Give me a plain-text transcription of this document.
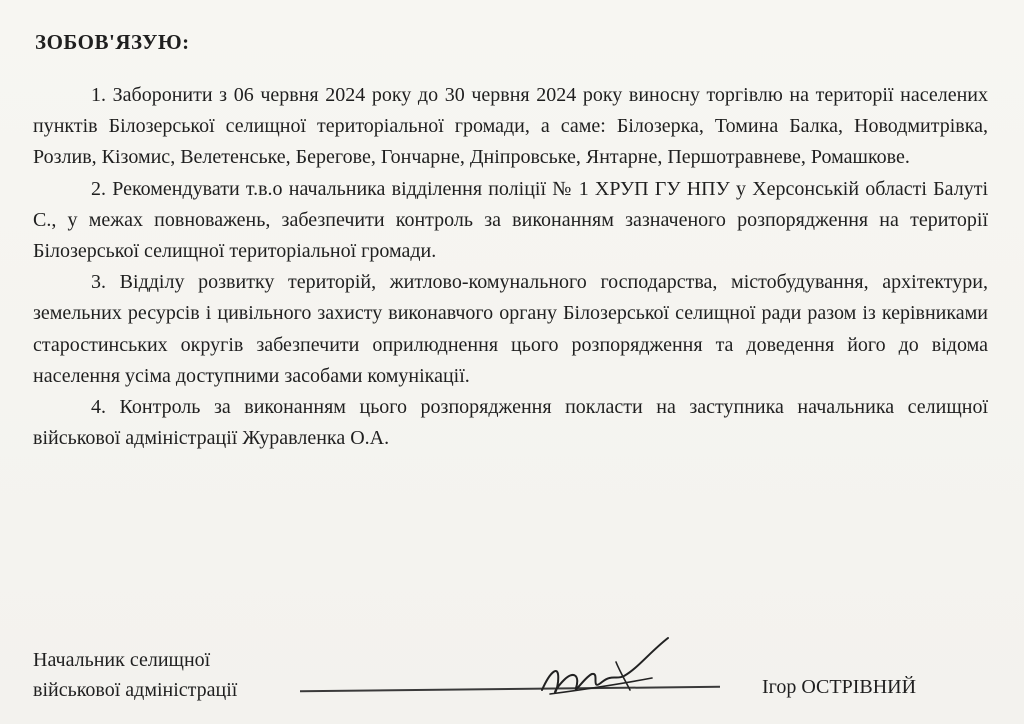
ЗОБОВ'ЯЗУЮ:

1. Заборонити з 06 червня 2024 року до 30 червня 2024 року виносну торгівлю на території населених пунктів Білозерської селищної територіальної громади, а саме: Білозерка, Томина Балка, Новодмитрівка, Розлив, Кізомис, Велетенське, Берегове, Гончарне, Дніпровське, Янтарне, Першотравневе, Ромашкове.

2. Рекомендувати т.в.о начальника відділення поліції № 1 ХРУП ГУ НПУ у Херсонській області Балуті С., у межах повноважень, забезпечити контроль за виконанням зазначеного розпорядження на території Білозерської селищної територіальної громади.

3. Відділу розвитку територій, житлово-комунального господарства, містобудування, архітектури, земельних ресурсів і цивільного захисту виконавчого органу Білозерської селищної ради разом із керівниками старостинських округів забезпечити оприлюднення цього розпорядження та доведення його до відома населення усіма доступними засобами комунікації.

4. Контроль за виконанням цього розпорядження покласти на заступника начальника селищної військової адміністрації Журавленка О.А.

Начальник селищної
військової адміністрації	Ігор ОСТРІВНИЙ
